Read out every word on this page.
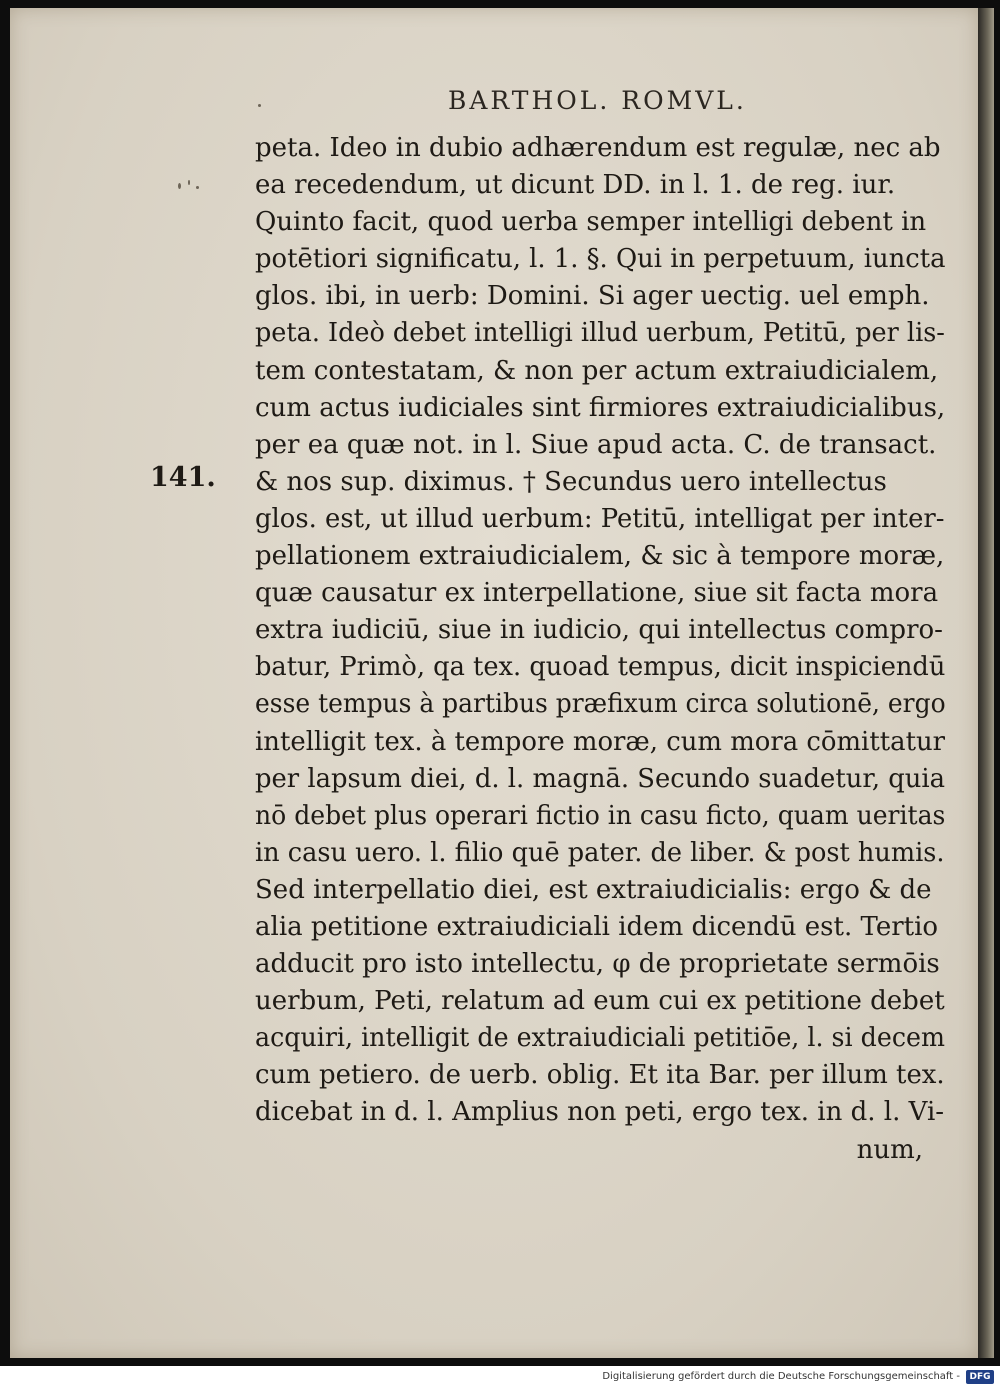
BARTHOL. ROMVL.
141.
peta. Ideo in dubio adhærendum est regulæ, nec ab
ea recedendum, ut dicunt DD. in l. 1. de reg. iur.
Quinto facit, quod uerba semper intelligi debent in
potētiori significatu, l. 1. §. Qui in perpetuum, iuncta
glos. ibi, in uerb: Domini. Si ager uectig. uel emph.
peta. Ideò debet intelligi illud uerbum, Petitū, per lis-
tem contestatam, & non per actum extraiudicialem,
cum actus iudiciales sint firmiores extraiudicialibus,
per ea quæ not. in l. Siue apud acta. C. de transact.
& nos sup. diximus. † Secundus uero intellectus
glos. est, ut illud uerbum: Petitū, intelligat per inter-
pellationem extraiudicialem, & sic à tempore moræ,
quæ causatur ex interpellatione, siue sit facta mora
extra iudiciū, siue in iudicio, qui intellectus compro-
batur, Primò, qa tex. quoad tempus, dicit inspiciendū
esse tempus à partibus præfixum circa solutionē, ergo
intelligit tex. à tempore moræ, cum mora cōmittatur
per lapsum diei, d. l. magnā. Secundo suadetur, quia
nō debet plus operari fictio in casu ficto, quam ueritas
in casu uero. l. filio quē pater. de liber. & post humis.
Sed interpellatio diei, est extraiudicialis: ergo & de
alia petitione extraiudiciali idem dicendū est. Tertio
adducit pro isto intellectu, φ de proprietate sermōis
uerbum, Peti, relatum ad eum cui ex petitione debet
acquiri, intelligit de extraiudiciali petitiōe, l. si decem
cum petiero. de uerb. oblig. Et ita Bar. per illum tex.
dicebat in d. l. Amplius non peti, ergo tex. in d. l. Vi-
num,
Digitalisierung gefördert durch die Deutsche Forschungsgemeinschaft -	DFG
